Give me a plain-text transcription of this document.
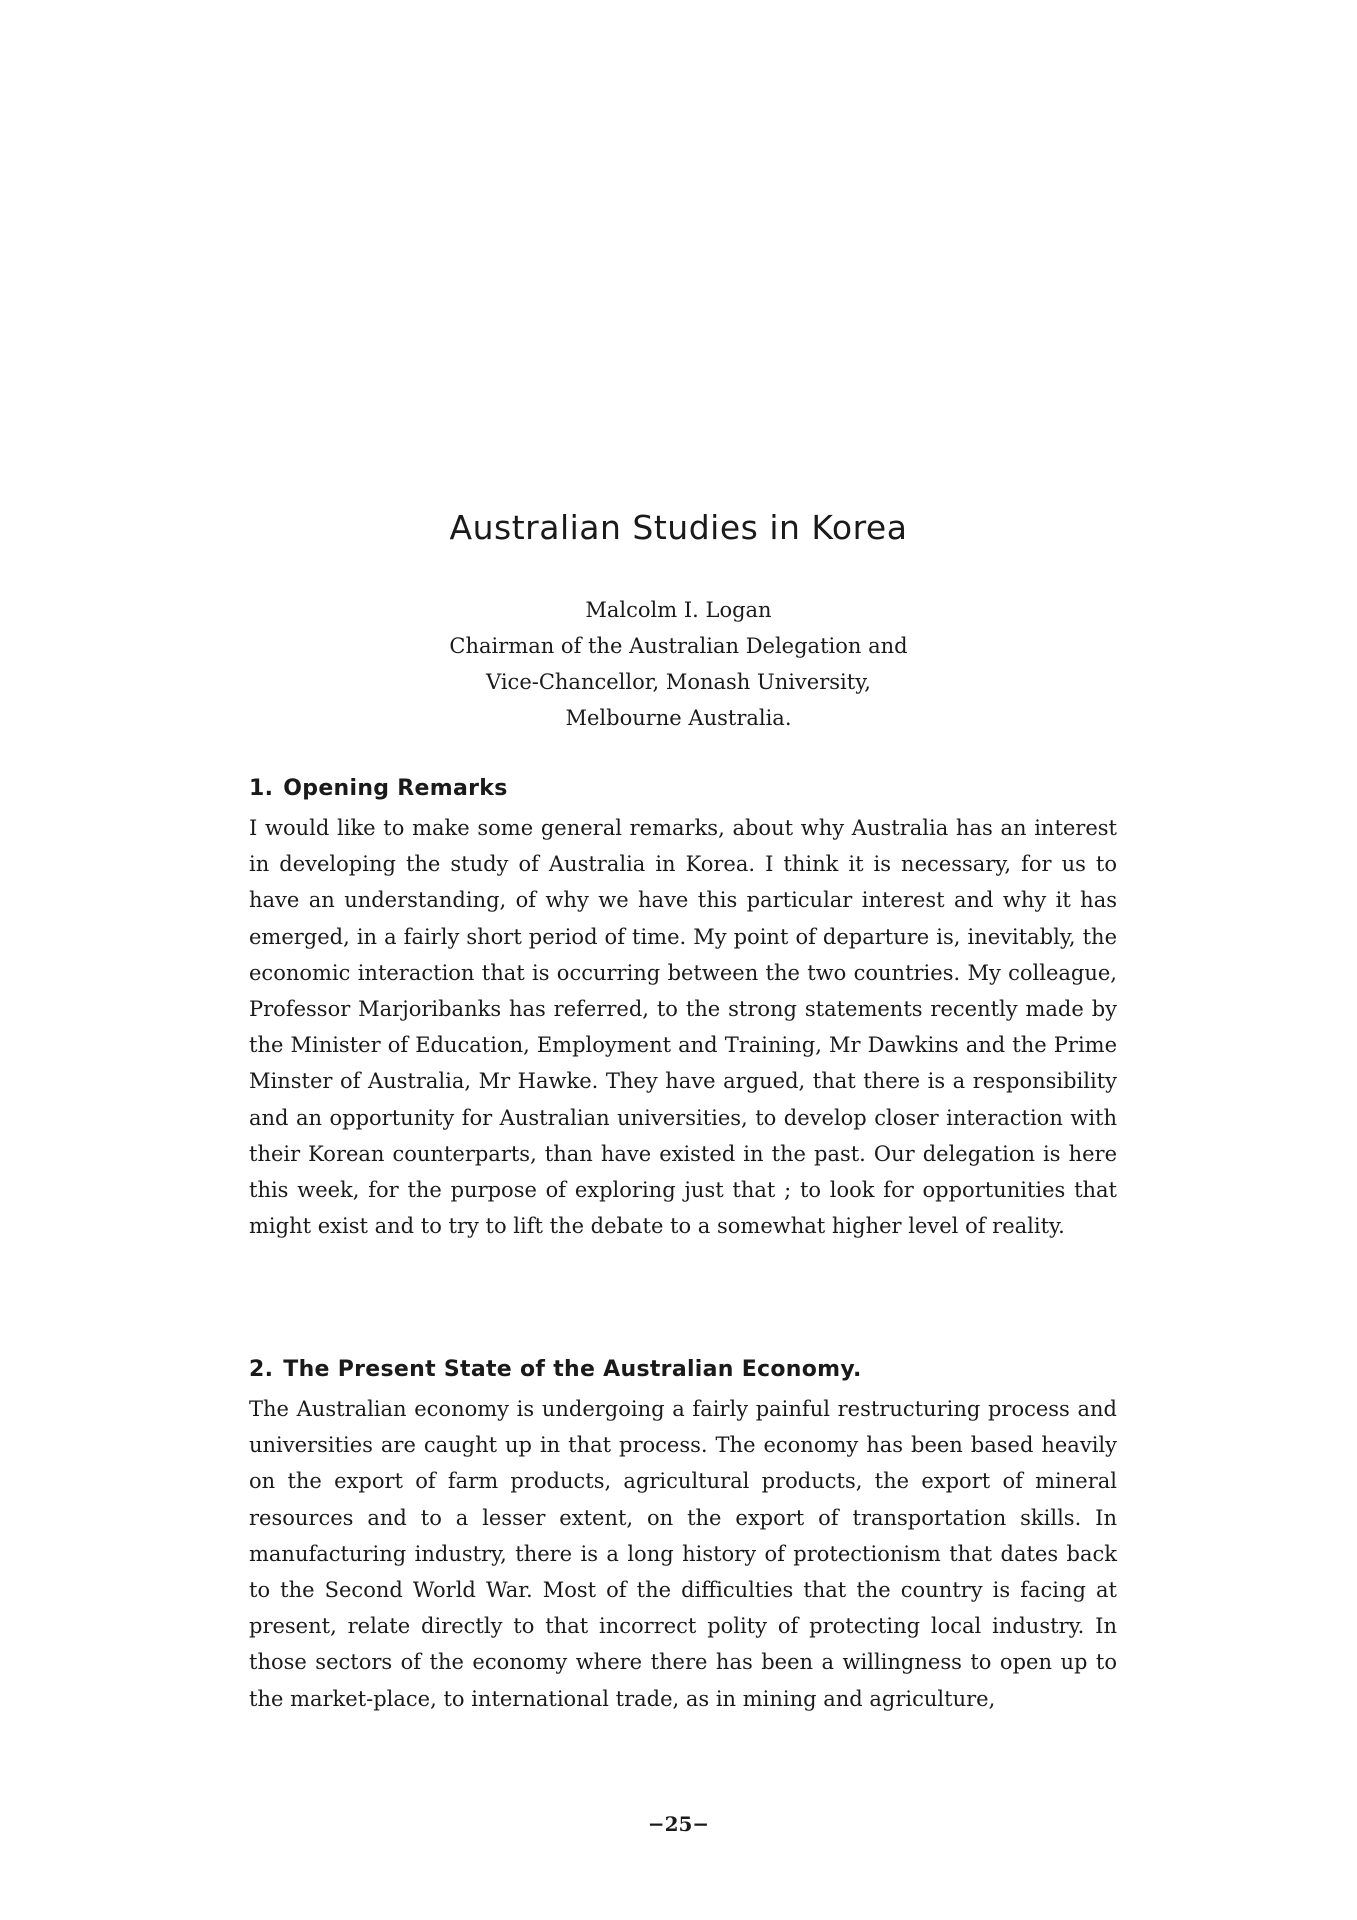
Australian Studies in Korea
Malcolm I. Logan
Chairman of the Australian Delegation and
Vice-Chancellor, Monash University,
Melbourne Australia.
1. Opening Remarks

I would like to make some general remarks, about why Australia has an interest in developing the study of Australia in Korea. I think it is necessary, for us to have an understanding, of why we have this particular interest and why it has emerged, in a fairly short period of time. My point of departure is, inevitably, the economic interaction that is occurring between the two countries. My colleague, Professor Marjoribanks has referred, to the strong statements recently made by the Minister of Education, Employment and Training, Mr Dawkins and the Prime Minster of Australia, Mr Hawke. They have argued, that there is a responsibility and an opportunity for Australian universities, to develop closer interaction with their Korean counterparts, than have existed in the past. Our delegation is here this week, for the purpose of exploring just that ; to look for opportunities that might exist and to try to lift the debate to a somewhat higher level of reality.

2. The Present State of the Australian Economy.

The Australian economy is undergoing a fairly painful restructuring process and universities are caught up in that process. The economy has been based heavily on the export of farm products, agricultural products, the export of mineral resources and to a lesser extent, on the export of transportation skills. In manufacturing industry, there is a long history of protectionism that dates back to the Second World War. Most of the difficulties that the country is facing at present, relate directly to that incorrect polity of protecting local industry. In those sectors of the economy where there has been a willingness to open up to the market-place, to international trade, as in mining and agriculture,

−25−
